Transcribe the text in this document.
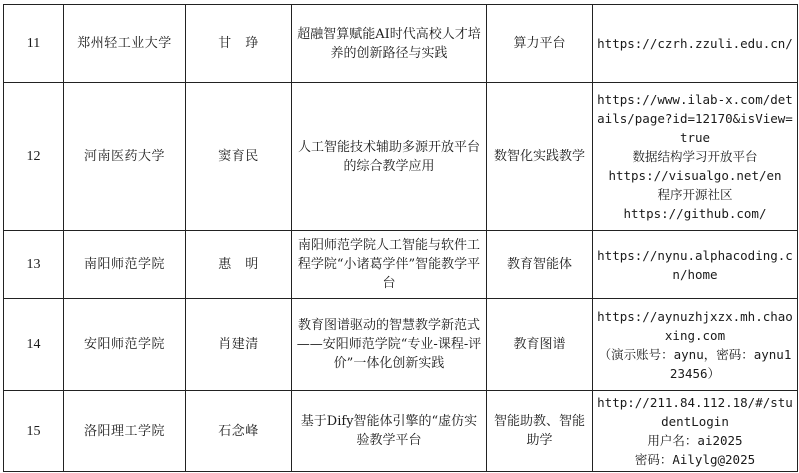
11	郑州轻工业大学	甘　琤	超融智算赋能AI时代高校人才培养的创新路径与实践	算力平台	https://czrh.zzuli.edu.cn/

12	河南医药大学	窦育民	人工智能技术辅助多源开放平台的综合教学应用	数智化实践教学	https://www.ilab-x.com/details/page?id=12170&isView=true
数据结构学习开放平台
https://visualgo.net/en
程序开源社区
https://github.com/

13	南阳师范学院	惠　明	南阳师范学院人工智能与软件工程学院“小诸葛学伴”智能教学平台	教育智能体	https://nynu.alphacoding.cn/home

14	安阳师范学院	肖建清	教育图谱驱动的智慧教学新范式——安阳师范学院“专业-课程-评价”一体化创新实践	教育图谱	https://aynuzhjxzx.mh.chaoxing.com
（演示账号：aynu，密码：aynu123456）

15	洛阳理工学院	石念峰	基于Dify智能体引擎的“虚仿实验教学平台	智能助教、智能助学	http://211.84.112.18/#/studentLogin
用户名：ai2025
密码：Ailylg@2025
